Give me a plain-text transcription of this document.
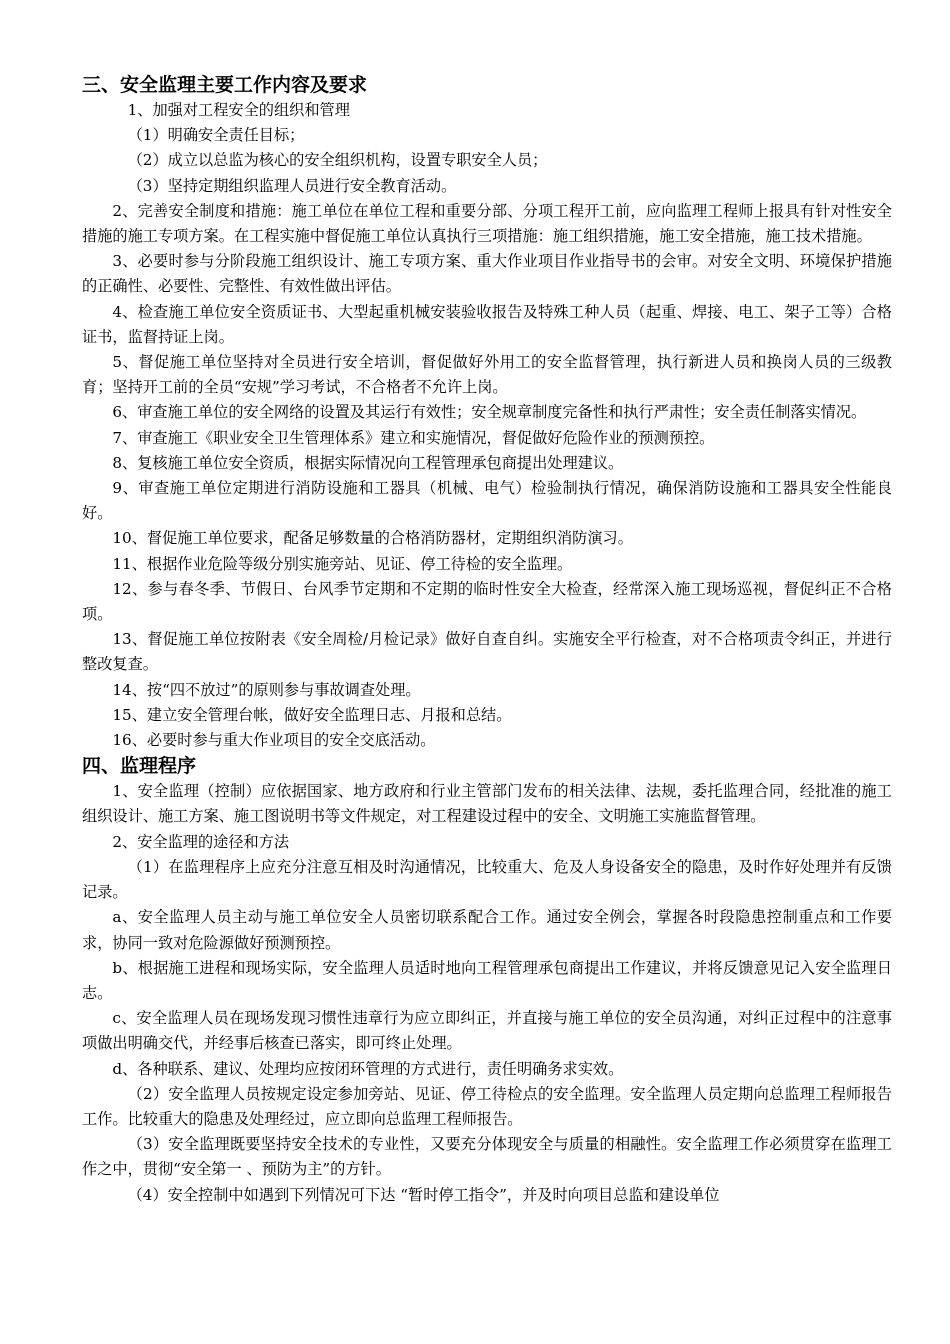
三、安全监理主要工作内容及要求

1、加强对工程安全的组织和管理

（1）明确安全责任目标；

（2）成立以总监为核心的安全组织机构，设置专职安全人员；

（3）坚持定期组织监理人员进行安全教育活动。

2、完善安全制度和措施：施工单位在单位工程和重要分部、分项工程开工前，应向监理工程师上报具有针对性安全措施的施工专项方案。在工程实施中督促施工单位认真执行三项措施：施工组织措施，施工安全措施，施工技术措施。

3、必要时参与分阶段施工组织设计、施工专项方案、重大作业项目作业指导书的会审。对安全文明、环境保护措施的正确性、必要性、完整性、有效性做出评估。

4、检查施工单位安全资质证书、大型起重机械安装验收报告及特殊工种人员（起重、焊接、电工、架子工等）合格证书，监督持证上岗。

5、督促施工单位坚持对全员进行安全培训，督促做好外用工的安全监督管理，执行新进人员和换岗人员的三级教育；坚持开工前的全员“安规”学习考试，不合格者不允许上岗。

6、审查施工单位的安全网络的设置及其运行有效性；安全规章制度完备性和执行严肃性；安全责任制落实情况。

7、审查施工《职业安全卫生管理体系》建立和实施情况，督促做好危险作业的预测预控。

8、复核施工单位安全资质，根据实际情况向工程管理承包商提出处理建议。

9、审查施工单位定期进行消防设施和工器具（机械、电气）检验制执行情况，确保消防设施和工器具安全性能良好。

10、督促施工单位要求，配备足够数量的合格消防器材，定期组织消防演习。

11、根据作业危险等级分别实施旁站、见证、停工待检的安全监理。

12、参与春冬季、节假日、台风季节定期和不定期的临时性安全大检查，经常深入施工现场巡视，督促纠正不合格项。

13、督促施工单位按附表《安全周检/月检记录》做好自查自纠。实施安全平行检查，对不合格项责令纠正，并进行整改复查。

14、按“四不放过”的原则参与事故调查处理。

15、建立安全管理台帐，做好安全监理日志、月报和总结。

16、必要时参与重大作业项目的安全交底活动。

四、监理程序

1、安全监理（控制）应依据国家、地方政府和行业主管部门发布的相关法律、法规，委托监理合同，经批准的施工组织设计、施工方案、施工图说明书等文件规定，对工程建设过程中的安全、文明施工实施监督管理。

2、安全监理的途径和方法

（1）在监理程序上应充分注意互相及时沟通情况，比较重大、危及人身设备安全的隐患，及时作好处理并有反馈记录。

a、安全监理人员主动与施工单位安全人员密切联系配合工作。通过安全例会，掌握各时段隐患控制重点和工作要求，协同一致对危险源做好预测预控。

b、根据施工进程和现场实际，安全监理人员适时地向工程管理承包商提出工作建议，并将反馈意见记入安全监理日志。

c、安全监理人员在现场发现习惯性违章行为应立即纠正，并直接与施工单位的安全员沟通，对纠正过程中的注意事项做出明确交代，并经事后核查已落实，即可终止处理。

d、各种联系、建议、处理均应按闭环管理的方式进行，责任明确务求实效。

（2）安全监理人员按规定设定参加旁站、见证、停工待检点的安全监理。安全监理人员定期向总监理工程师报告工作。比较重大的隐患及处理经过，应立即向总监理工程师报告。

（3）安全监理既要坚持安全技术的专业性，又要充分体现安全与质量的相融性。安全监理工作必须贯穿在监理工作之中，贯彻“安全第一 、预防为主”的方针。

（4）安全控制中如遇到下列情况可下达 “暂时停工指令”，并及时向项目总监和建设单位
